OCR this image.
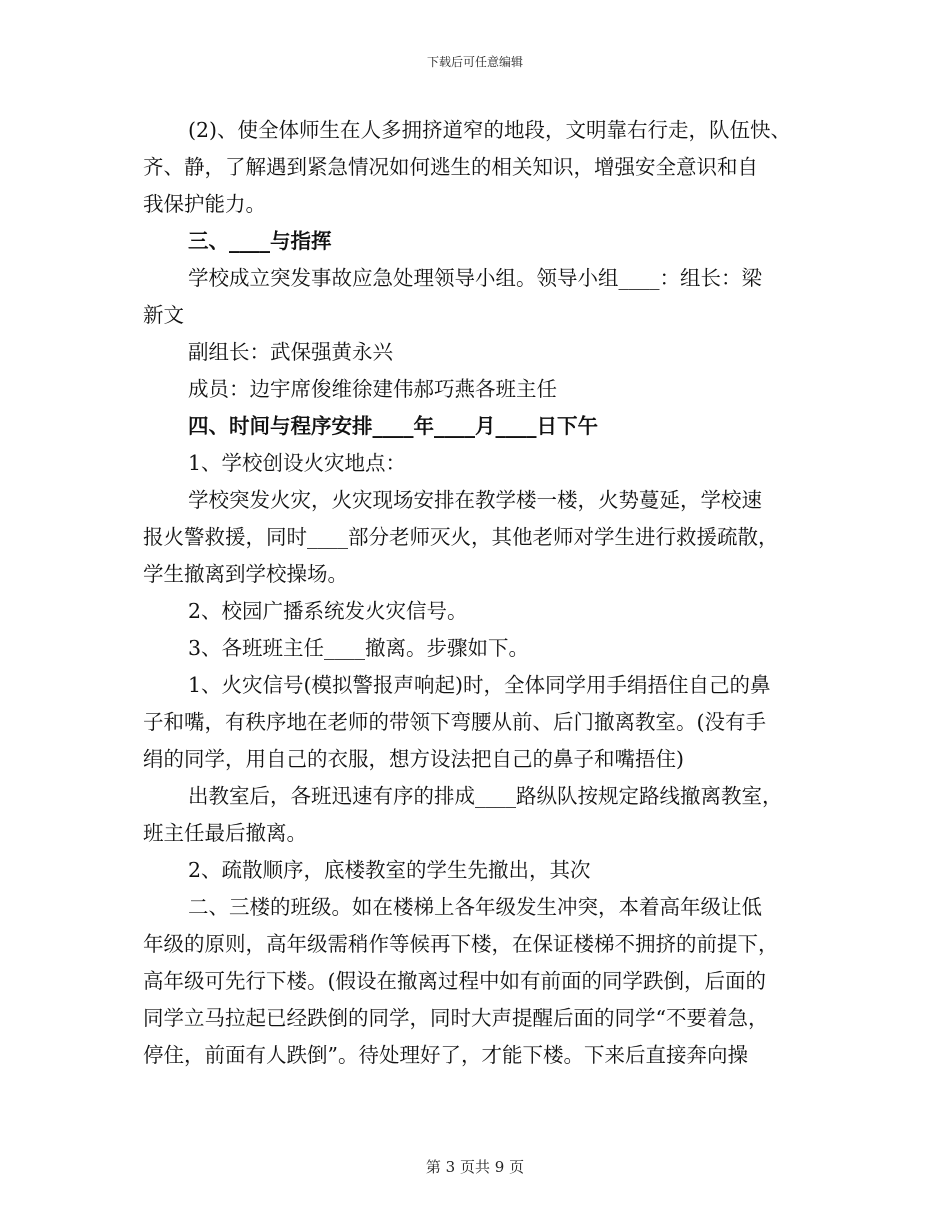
下载后可任意编辑

(2)、使全体师生在人多拥挤道窄的地段，文明靠右行走，队伍快、
齐、静，了解遇到紧急情况如何逃生的相关知识，增强安全意识和自
我保护能力。

三、____与指挥

学校成立突发事故应急处理领导小组。领导小组____：组长：梁
新文

副组长：武保强黄永兴

成员：边宇席俊维徐建伟郝巧燕各班主任

四、时间与程序安排____年____月____日下午

1、学校创设火灾地点：

学校突发火灾，火灾现场安排在教学楼一楼，火势蔓延，学校速
报火警救援，同时____部分老师灭火，其他老师对学生进行救援疏散，
学生撤离到学校操场。

2、校园广播系统发火灾信号。

3、各班班主任____撤离。步骤如下。

1、火灾信号(模拟警报声响起)时，全体同学用手绢捂住自己的鼻
子和嘴，有秩序地在老师的带领下弯腰从前、后门撤离教室。(没有手
绢的同学，用自己的衣服，想方设法把自己的鼻子和嘴捂住)

出教室后，各班迅速有序的排成____路纵队按规定路线撤离教室，
班主任最后撤离。

2、疏散顺序，底楼教室的学生先撤出，其次

二、三楼的班级。如在楼梯上各年级发生冲突，本着高年级让低
年级的原则，高年级需稍作等候再下楼，在保证楼梯不拥挤的前提下，
高年级可先行下楼。(假设在撤离过程中如有前面的同学跌倒，后面的
同学立马拉起已经跌倒的同学，同时大声提醒后面的同学“不要着急，
停住，前面有人跌倒”。待处理好了，才能下楼。下来后直接奔向操

第 3 页共 9 页
